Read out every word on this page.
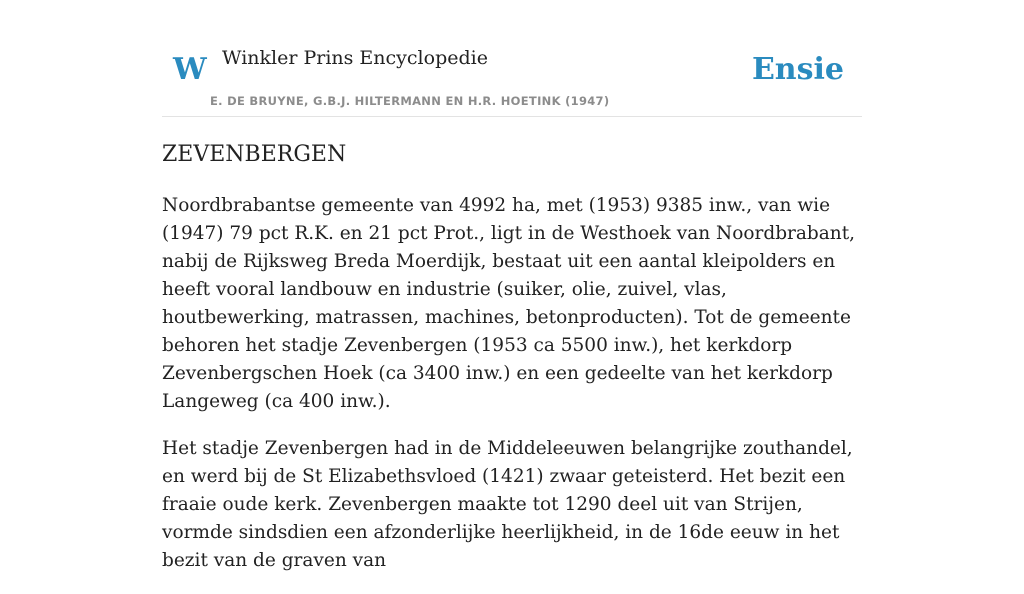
W Winkler Prins Encyclopedie
E. DE BRUYNE, G.B.J. HILTERMANN EN H.R. HOETINK (1947)
Ensie
ZEVENBERGEN

Noordbrabantse gemeente van 4992 ha, met (1953) 9385 inw., van wie (1947) 79 pct R.K. en 21 pct Prot., ligt in de Westhoek van Noordbrabant, nabij de Rijksweg Breda Moerdijk, bestaat uit een aantal kleipolders en heeft vooral landbouw en industrie (suiker, olie, zuivel, vlas, houtbewerking, matrassen, machines, betonproducten). Tot de gemeente behoren het stadje Zevenbergen (1953 ca 5500 inw.), het kerkdorp Zevenbergschen Hoek (ca 3400 inw.) en een gedeelte van het kerkdorp Langeweg (ca 400 inw.).

Het stadje Zevenbergen had in de Middeleeuwen belangrijke zouthandel, en werd bij de St Elizabethsvloed (1421) zwaar geteisterd. Het bezit een fraaie oude kerk. Zevenbergen maakte tot 1290 deel uit van Strijen, vormde sindsdien een afzonderlijke heerlijkheid, in de 16de eeuw in het bezit van de graven van
